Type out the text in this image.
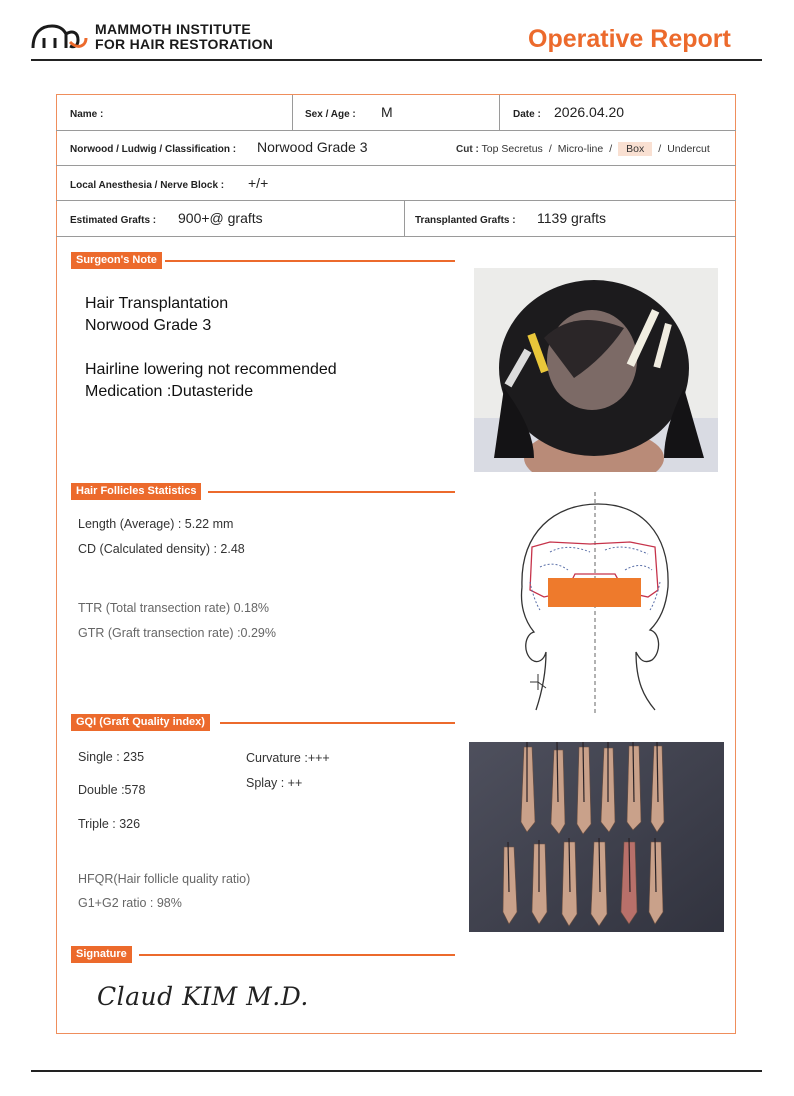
MAMMOTH INSTITUTE
FOR HAIR RESTORATION	Operative Report
Name :	Sex / Age : M	Date : 2026.04.20
Norwood / Ludwig / Classification : Norwood Grade 3	Cut : Top Secretus / Micro-line / Box / Undercut
Local Anesthesia / Nerve Block : +/+
Estimated Grafts : 900+@ grafts	Transplanted Grafts : 1139 grafts
Surgeon's Note
Hair Transplantation
Norwood Grade 3
Hairline lowering not recommended
Medication :Dutasteride
Hair Follicles Statistics
Length (Average) : 5.22 mm
CD (Calculated density) : 2.48
TTR (Total transection rate) 0.18%
GTR (Graft transection rate) :0.29%
GQI (Graft Quality index)
Single : 235
Double :578
Triple : 326
Curvature :+++
Splay : ++
HFQR(Hair follicle quality ratio)
G1+G2 ratio : 98%
Signature
Claud KIM M.D.
